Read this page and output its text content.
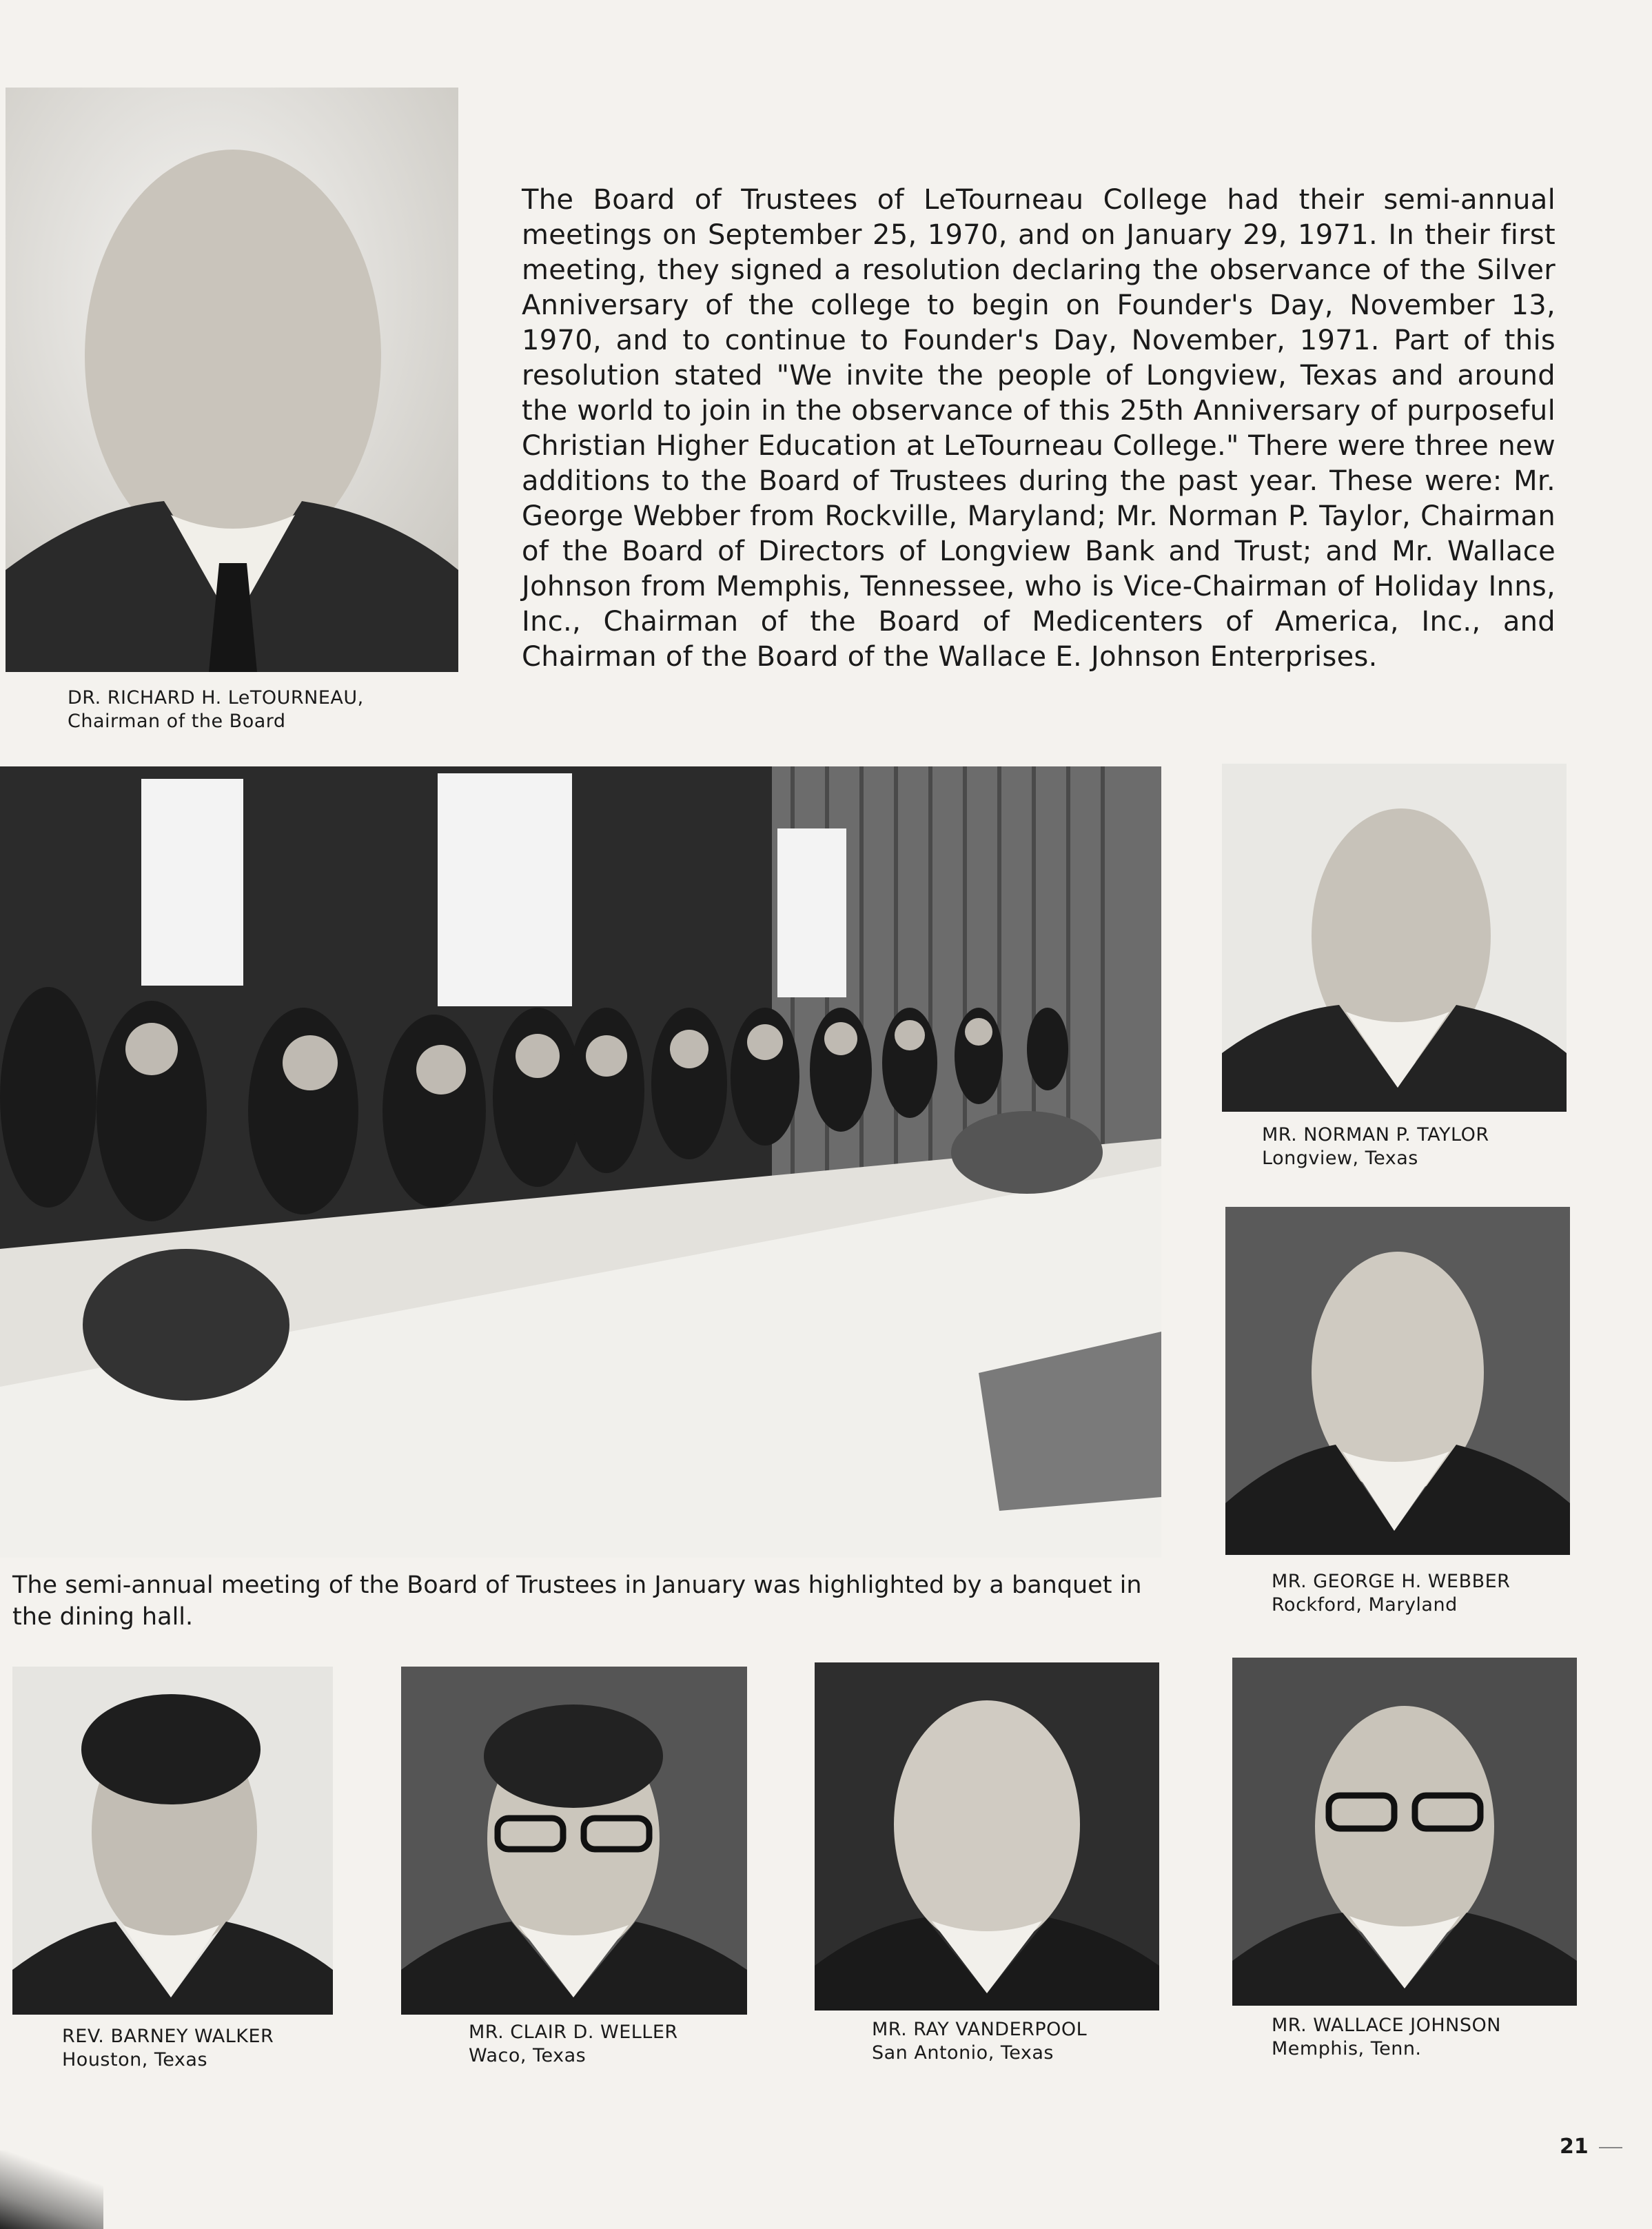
DR. RICHARD H. LeTOURNEAU,
Chairman of the Board
The Board of Trustees of LeTourneau College had their semi-annual meetings on September 25, 1970, and on January 29, 1971. In their first meeting, they signed a resolution declaring the observance of the Silver Anniversary of the college to begin on Founder's Day, November 13, 1970, and to continue to Founder's Day, November, 1971. Part of this resolution stated "We invite the people of Longview, Texas and around the world to join in the observance of this 25th Anniversary of purposeful Christian Higher Education at LeTourneau College." There were three new additions to the Board of Trustees during the past year. These were: Mr. George Webber from Rockville, Maryland; Mr. Norman P. Taylor, Chairman of the Board of Directors of Longview Bank and Trust; and Mr. Wallace Johnson from Memphis, Tennessee, who is Vice-Chairman of Holiday Inns, Inc., Chairman of the Board of Medicenters of America, Inc., and Chairman of the Board of the Wallace E. Johnson Enterprises.
The semi-annual meeting of the Board of Trustees in January was highlighted by a banquet in the dining hall.
MR. NORMAN P. TAYLOR
Longview, Texas
MR. GEORGE H. WEBBER
Rockford, Maryland
REV. BARNEY WALKER
Houston, Texas
MR. CLAIR D. WELLER
Waco, Texas
MR. RAY VANDERPOOL
San Antonio, Texas
MR. WALLACE JOHNSON
Memphis, Tenn.
21
